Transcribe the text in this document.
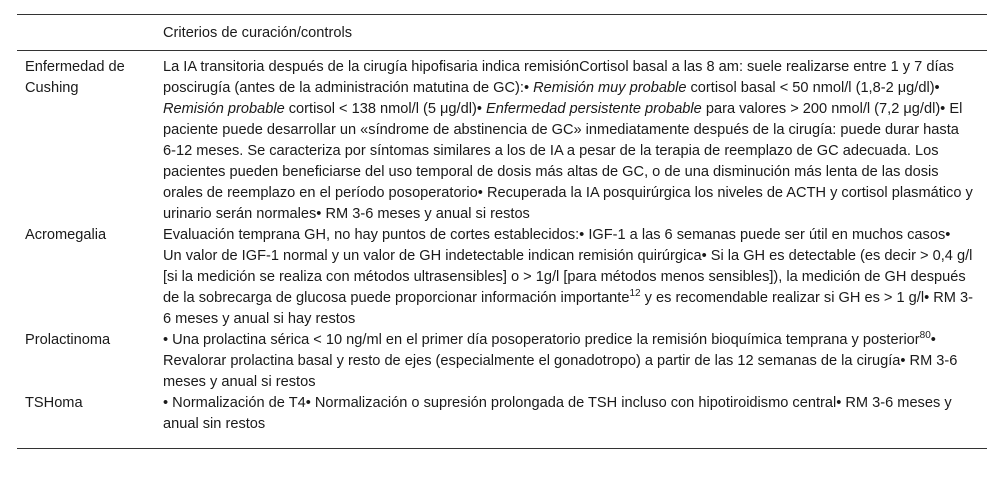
	Criterios de curación/controls
Enfermedad de Cushing	La IA transitoria después de la cirugía hipofisaria indica remisiónCortisol basal a las 8 am: suele realizarse entre 1 y 7 días poscirugía (antes de la administración matutina de GC):• Remisión muy probable cortisol basal < 50 nmol/l (1,8-2 μg/dl)• Remisión probable cortisol < 138 nmol/l (5 μg/dl)• Enfermedad persistente probable para valores > 200 nmol/l (7,2 μg/dl)• El paciente puede desarrollar un «síndrome de abstinencia de GC» inmediatamente después de la cirugía: puede durar hasta 6-12 meses. Se caracteriza por síntomas similares a los de IA a pesar de la terapia de reemplazo de GC adecuada. Los pacientes pueden beneficiarse del uso temporal de dosis más altas de GC, o de una disminución más lenta de las dosis orales de reemplazo en el período posoperatorio• Recuperada la IA posquirúrgica los niveles de ACTH y cortisol plasmático y urinario serán normales• RM 3-6 meses y anual si restos
Acromegalia	Evaluación temprana GH, no hay puntos de cortes establecidos:• IGF-1 a las 6 semanas puede ser útil en muchos casos• Un valor de IGF-1 normal y un valor de GH indetectable indican remisión quirúrgica• Si la GH es detectable (es decir > 0,4 g/l [si la medición se realiza con métodos ultrasensibles] o > 1g/l [para métodos menos sensibles]), la medición de GH después de la sobrecarga de glucosa puede proporcionar información importante$^{12}$ y es recomendable realizar si GH es > 1 g/l• RM 3-6 meses y anual si hay restos
Prolactinoma	• Una prolactina sérica < 10 ng/ml en el primer día posoperatorio predice la remisión bioquímica temprana y posterior$^{80}$• Revalorar prolactina basal y resto de ejes (especialmente el gonadotropo) a partir de las 12 semanas de la cirugía• RM 3-6 meses y anual si restos
TSHoma	• Normalización de T4• Normalización o supresión prolongada de TSH incluso con hipotiroidismo central• RM 3-6 meses y anual sin restos
